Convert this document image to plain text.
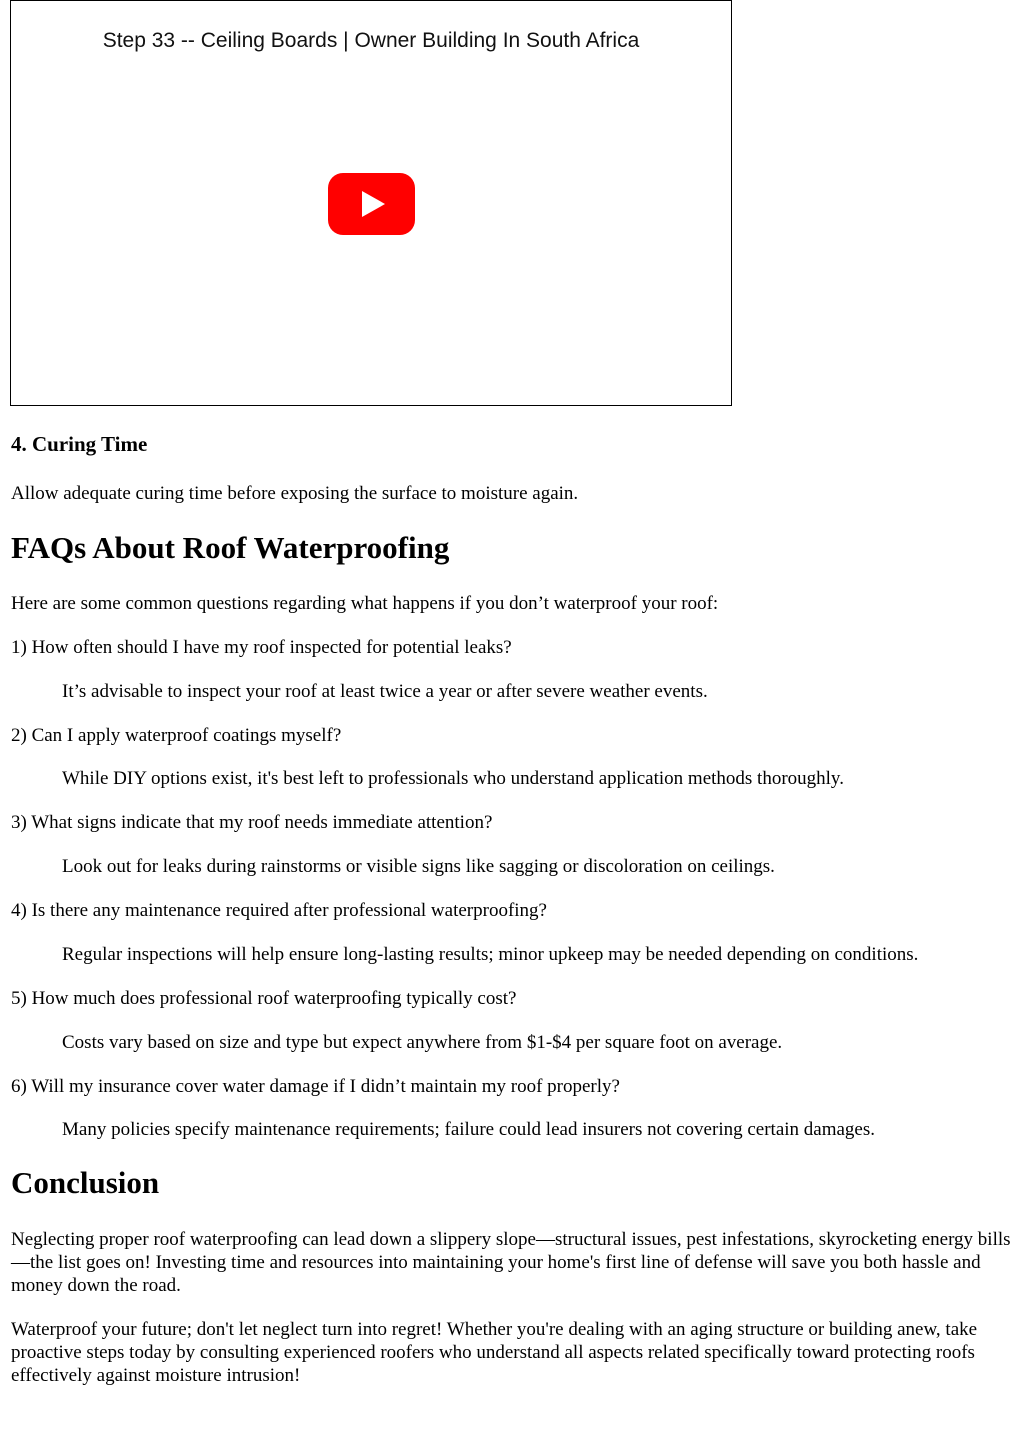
Step 33 -- Ceiling Boards | Owner Building In South Africa
4. Curing Time
Allow adequate curing time before exposing the surface to moisture again.
FAQs About Roof Waterproofing
Here are some common questions regarding what happens if you don’t waterproof your roof:
1) How often should I have my roof inspected for potential leaks?
It’s advisable to inspect your roof at least twice a year or after severe weather events.
2) Can I apply waterproof coatings myself?
While DIY options exist, it's best left to professionals who understand application methods thoroughly.
3) What signs indicate that my roof needs immediate attention?
Look out for leaks during rainstorms or visible signs like sagging or discoloration on ceilings.
4) Is there any maintenance required after professional waterproofing?
Regular inspections will help ensure long-lasting results; minor upkeep may be needed depending on conditions.
5) How much does professional roof waterproofing typically cost?
Costs vary based on size and type but expect anywhere from $1-$4 per square foot on average.
6) Will my insurance cover water damage if I didn’t maintain my roof properly?
Many policies specify maintenance requirements; failure could lead insurers not covering certain damages.
Conclusion
Neglecting proper roof waterproofing can lead down a slippery slope—structural issues, pest infestations, skyrocketing energy bills—the list goes on! Investing time and resources into maintaining your home's first line of defense will save you both hassle and money down the road.
Waterproof your future; don't let neglect turn into regret! Whether you're dealing with an aging structure or building anew, take proactive steps today by consulting experienced roofers who understand all aspects related specifically toward protecting roofs effectively against moisture intrusion!
